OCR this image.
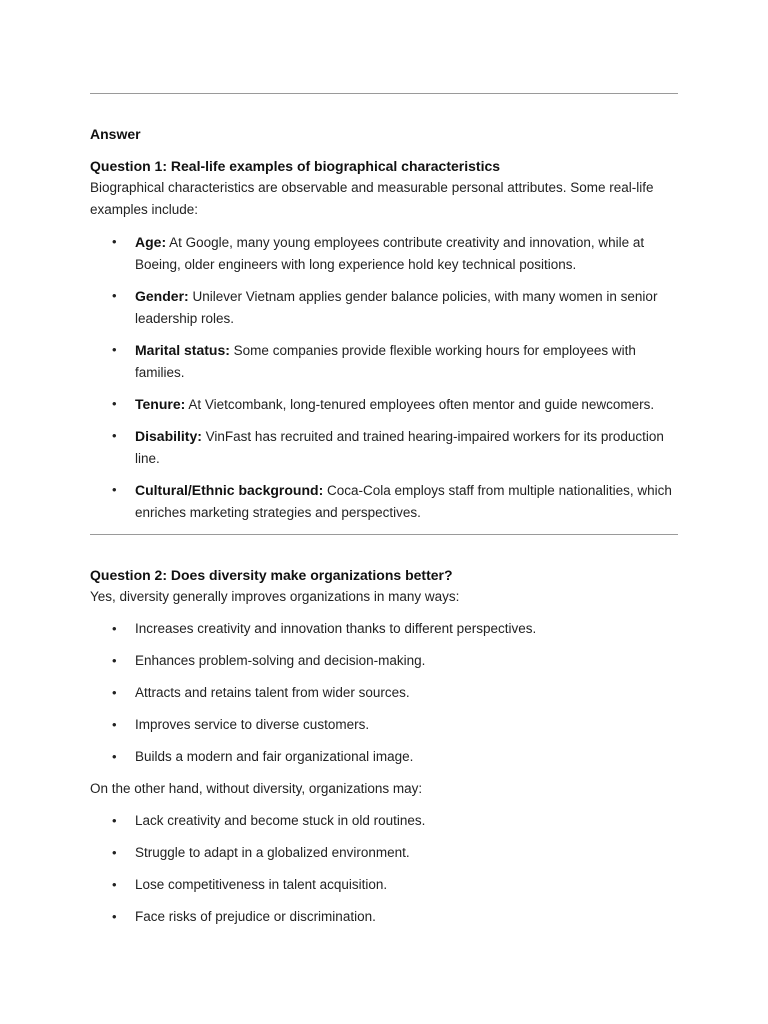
Answer
Question 1: Real-life examples of biographical characteristics

Biographical characteristics are observable and measurable personal attributes. Some real-life examples include:

• Age: At Google, many young employees contribute creativity and innovation, while at Boeing, older engineers with long experience hold key technical positions.
• Gender: Unilever Vietnam applies gender balance policies, with many women in senior leadership roles.
• Marital status: Some companies provide flexible working hours for employees with families.
• Tenure: At Vietcombank, long-tenured employees often mentor and guide newcomers.
• Disability: VinFast has recruited and trained hearing-impaired workers for its production line.
• Cultural/Ethnic background: Coca-Cola employs staff from multiple nationalities, which enriches marketing strategies and perspectives.
Question 2: Does diversity make organizations better?

Yes, diversity generally improves organizations in many ways:

• Increases creativity and innovation thanks to different perspectives.
• Enhances problem-solving and decision-making.
• Attracts and retains talent from wider sources.
• Improves service to diverse customers.
• Builds a modern and fair organizational image.

On the other hand, without diversity, organizations may:

• Lack creativity and become stuck in old routines.
• Struggle to adapt in a globalized environment.
• Lose competitiveness in talent acquisition.
• Face risks of prejudice or discrimination.
